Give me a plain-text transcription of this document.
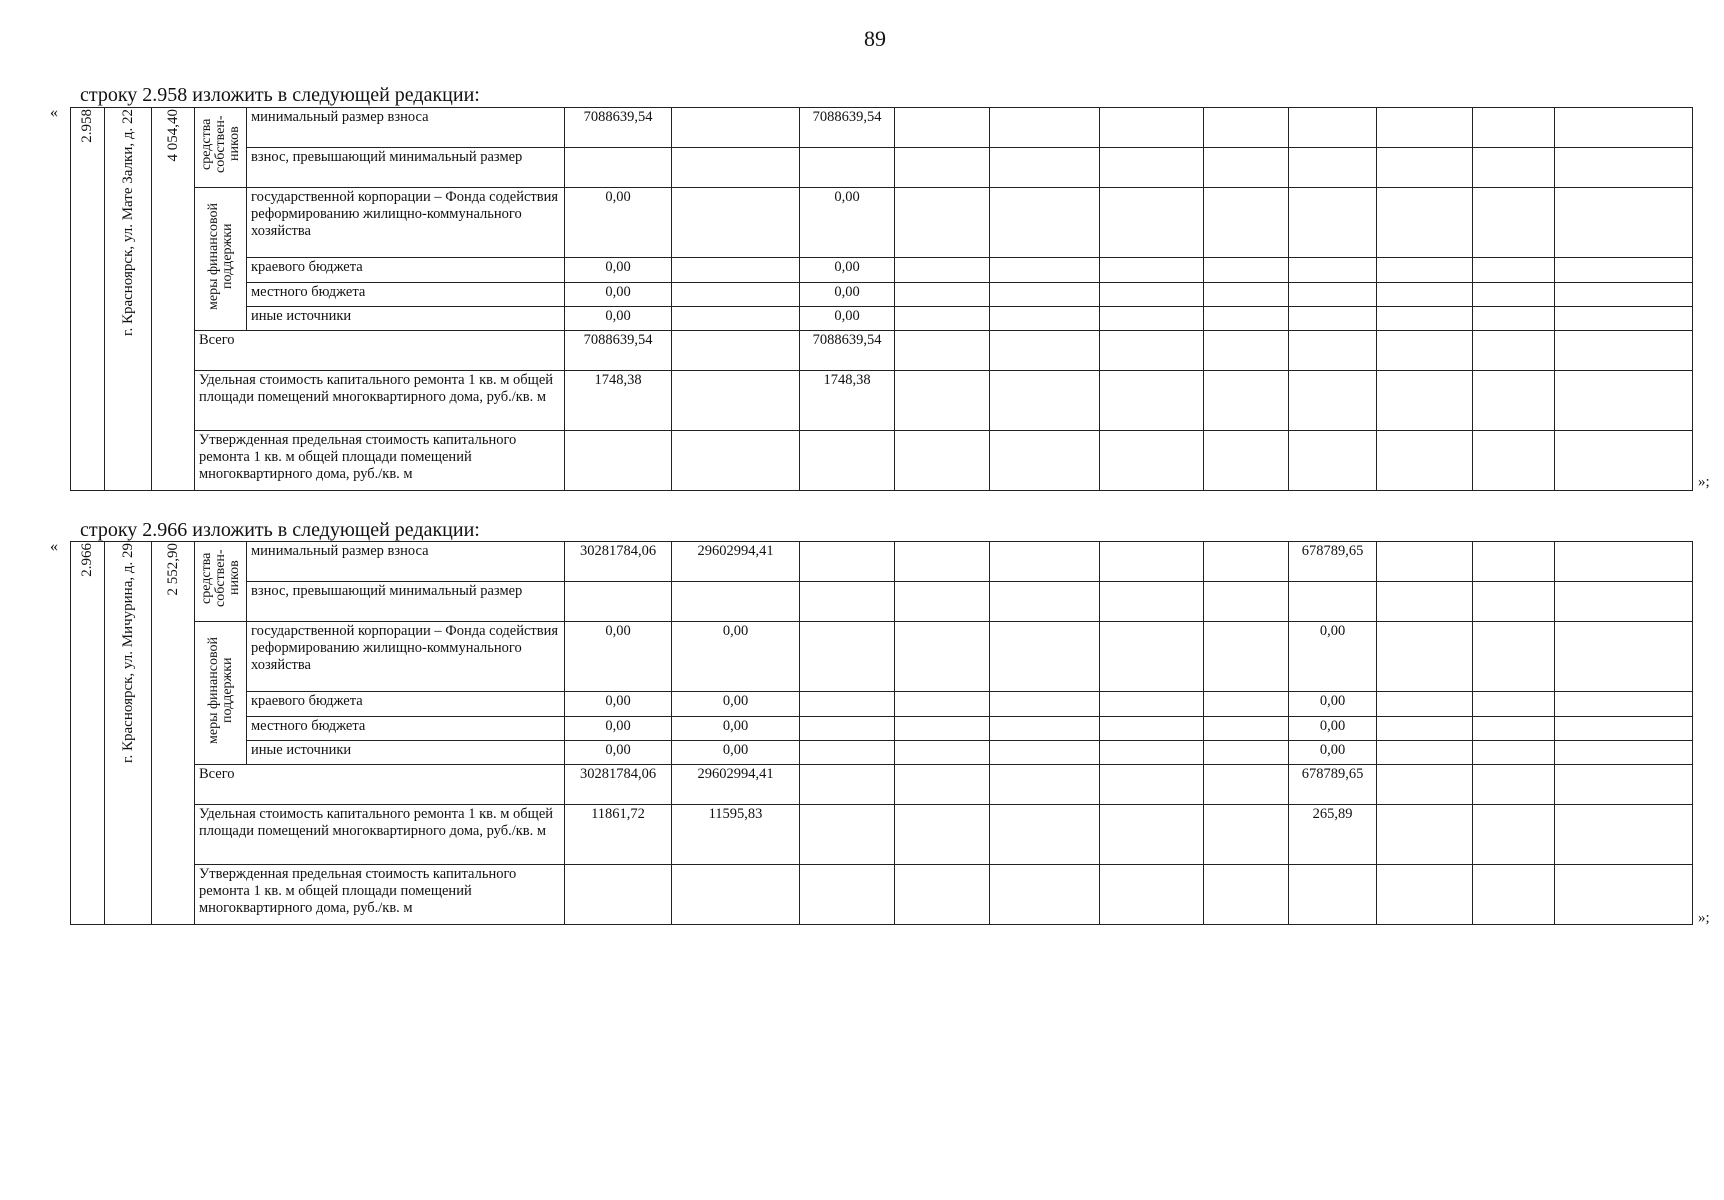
89
строку 2.958 изложить в следующей редакции:
«
»;
2.958	г. Красноярск, ул. Мате Залки, д. 22	4 054,40	средства собствен-ников	минимальный размер взноса	7088639,54		7088639,54								
				взнос, превышающий минимальный размер											
			меры финансовой поддержки	государственной корпорации – Фонда содействия реформированию жилищно-коммунального хозяйства	0,00		0,00								
				краевого бюджета	0,00		0,00								
				местного бюджета	0,00		0,00								
				иные источники	0,00		0,00								
			Всего		7088639,54		7088639,54								
			Удельная стоимость капитального ремонта 1 кв. м общей площади помещений многоквартирного дома, руб./кв. м		1748,38		1748,38								
			Утвержденная предельная стоимость капитального ремонта 1 кв. м общей площади помещений многоквартирного дома, руб./кв. м												
строку 2.966 изложить в следующей редакции:
«
»;
2.966	г. Красноярск, ул. Мичурина, д. 29	2 552,90	средства собствен-ников	минимальный размер взноса	30281784,06	29602994,41						678789,65			
				взнос, превышающий минимальный размер											
			меры финансовой поддержки	государственной корпорации – Фонда содействия реформированию жилищно-коммунального хозяйства	0,00	0,00						0,00			
				краевого бюджета	0,00	0,00						0,00			
				местного бюджета	0,00	0,00						0,00			
				иные источники	0,00	0,00						0,00			
			Всего		30281784,06	29602994,41						678789,65			
			Удельная стоимость капитального ремонта 1 кв. м общей площади помещений многоквартирного дома, руб./кв. м		11861,72	11595,83						265,89			
			Утвержденная предельная стоимость капитального ремонта 1 кв. м общей площади помещений многоквартирного дома, руб./кв. м												
